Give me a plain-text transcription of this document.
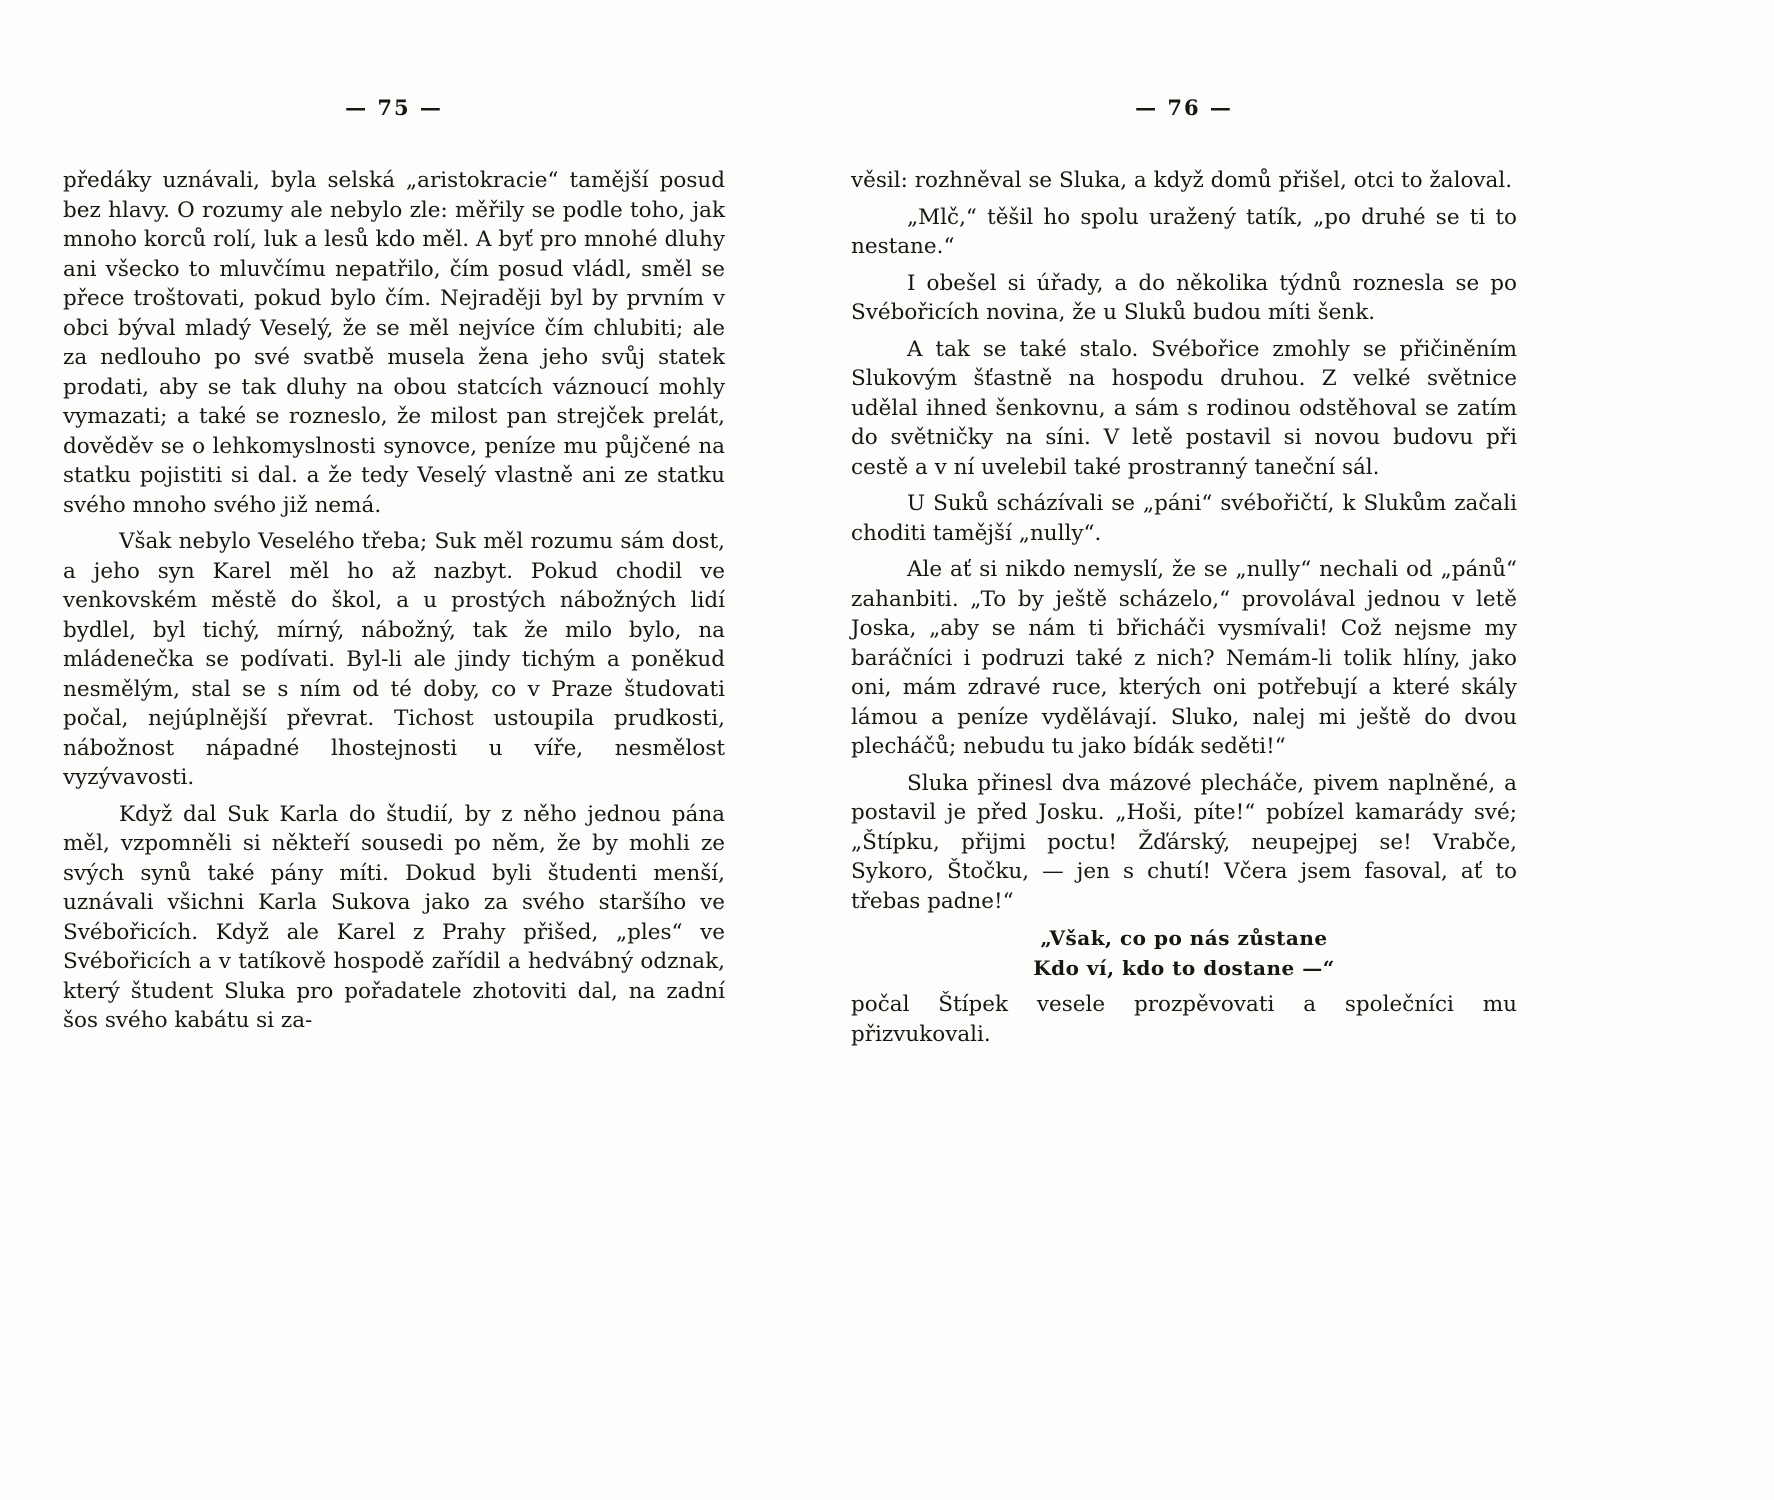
— 75 —

předáky uznávali, byla selská „aristokracie“ tamější posud bez hlavy. O rozumy ale nebylo zle: měřily se podle toho, jak mnoho korců rolí, luk a lesů kdo měl. A byť pro mnohé dluhy ani všecko to mluvčímu nepatřilo, čím posud vládl, směl se přece troštovati, pokud bylo čím. Nejraději byl by prvním v obci býval mladý Veselý, že se měl nejvíce čím chlubiti; ale za nedlouho po své svatbě musela žena jeho svůj statek prodati, aby se tak dluhy na obou statcích váznoucí mohly vymazati; a také se rozneslo, že milost pan strejček prelát, dověděv se o lehkomyslnosti synovce, peníze mu půjčené na statku pojistiti si dal. a že tedy Veselý vlastně ani ze statku svého mnoho svého již nemá.

Však nebylo Veselého třeba; Suk měl rozumu sám dost, a jeho syn Karel měl ho až nazbyt. Pokud chodil ve venkovském městě do škol, a u prostých nábožných lidí bydlel, byl tichý, mírný, nábožný, tak že milo bylo, na mládenečka se podívati. Byl-li ale jindy tichým a poněkud nesmělým, stal se s ním od té doby, co v Praze študovati počal, nejúplnější převrat. Tichost ustoupila prudkosti, nábožnost nápadné lhostejnosti u víře, nesmělost vyzývavosti.

Když dal Suk Karla do študií, by z něho jednou pána měl, vzpomněli si někteří sousedi po něm, že by mohli ze svých synů také pány míti. Dokud byli študenti menší, uznávali všichni Karla Sukova jako za svého staršího ve Svébořicích. Když ale Karel z Prahy přišed, „ples“ ve Svébořicích a v tatíkově hospodě zařídil a hedvábný odznak, který študent Sluka pro pořadatele zhotoviti dal, na zadní šos svého kabátu si za-

— 76 —

věsil: rozhněval se Sluka, a když domů přišel, otci to žaloval.

„Mlč,“ těšil ho spolu uražený tatík, „po druhé se ti to nestane.“

I obešel si úřady, a do několika týdnů roznesla se po Svébořicích novina, že u Sluků budou míti šenk.

A tak se také stalo. Svébořice zmohly se přičiněním Slukovým šťastně na hospodu druhou. Z velké světnice udělal ihned šenkovnu, a sám s rodinou odstěhoval se zatím do světničky na síni. V letě postavil si novou budovu při cestě a v ní uvelebil také prostranný taneční sál.

U Suků scházívali se „páni“ svébořičtí, k Slukům začali choditi tamější „nully“.

Ale ať si nikdo nemyslí, že se „nully“ nechali od „pánů“ zahanbiti. „To by ještě scházelo,“ provolával jednou v letě Joska, „aby se nám ti břicháči vysmívali! Což nejsme my baráčníci i podruzi také z nich? Nemám-li tolik hlíny, jako oni, mám zdravé ruce, kterých oni potřebují a které skály lámou a peníze vydělávají. Sluko, nalej mi ještě do dvou plecháčů; nebudu tu jako bídák seděti!“

Sluka přinesl dva mázové plecháče, pivem naplněné, a postavil je před Josku. „Hoši, píte!“ pobízel kamarády své; „Štípku, přijmi poctu! Žďárský, neupejpej se! Vrabče, Sykoro, Štočku, — jen s chutí! Včera jsem fasoval, ať to třebas padne!“

„Však, co po nás zůstane
Kdo ví, kdo to dostane —“

počal Štípek vesele prozpěvovati a společníci mu přizvukovali.
